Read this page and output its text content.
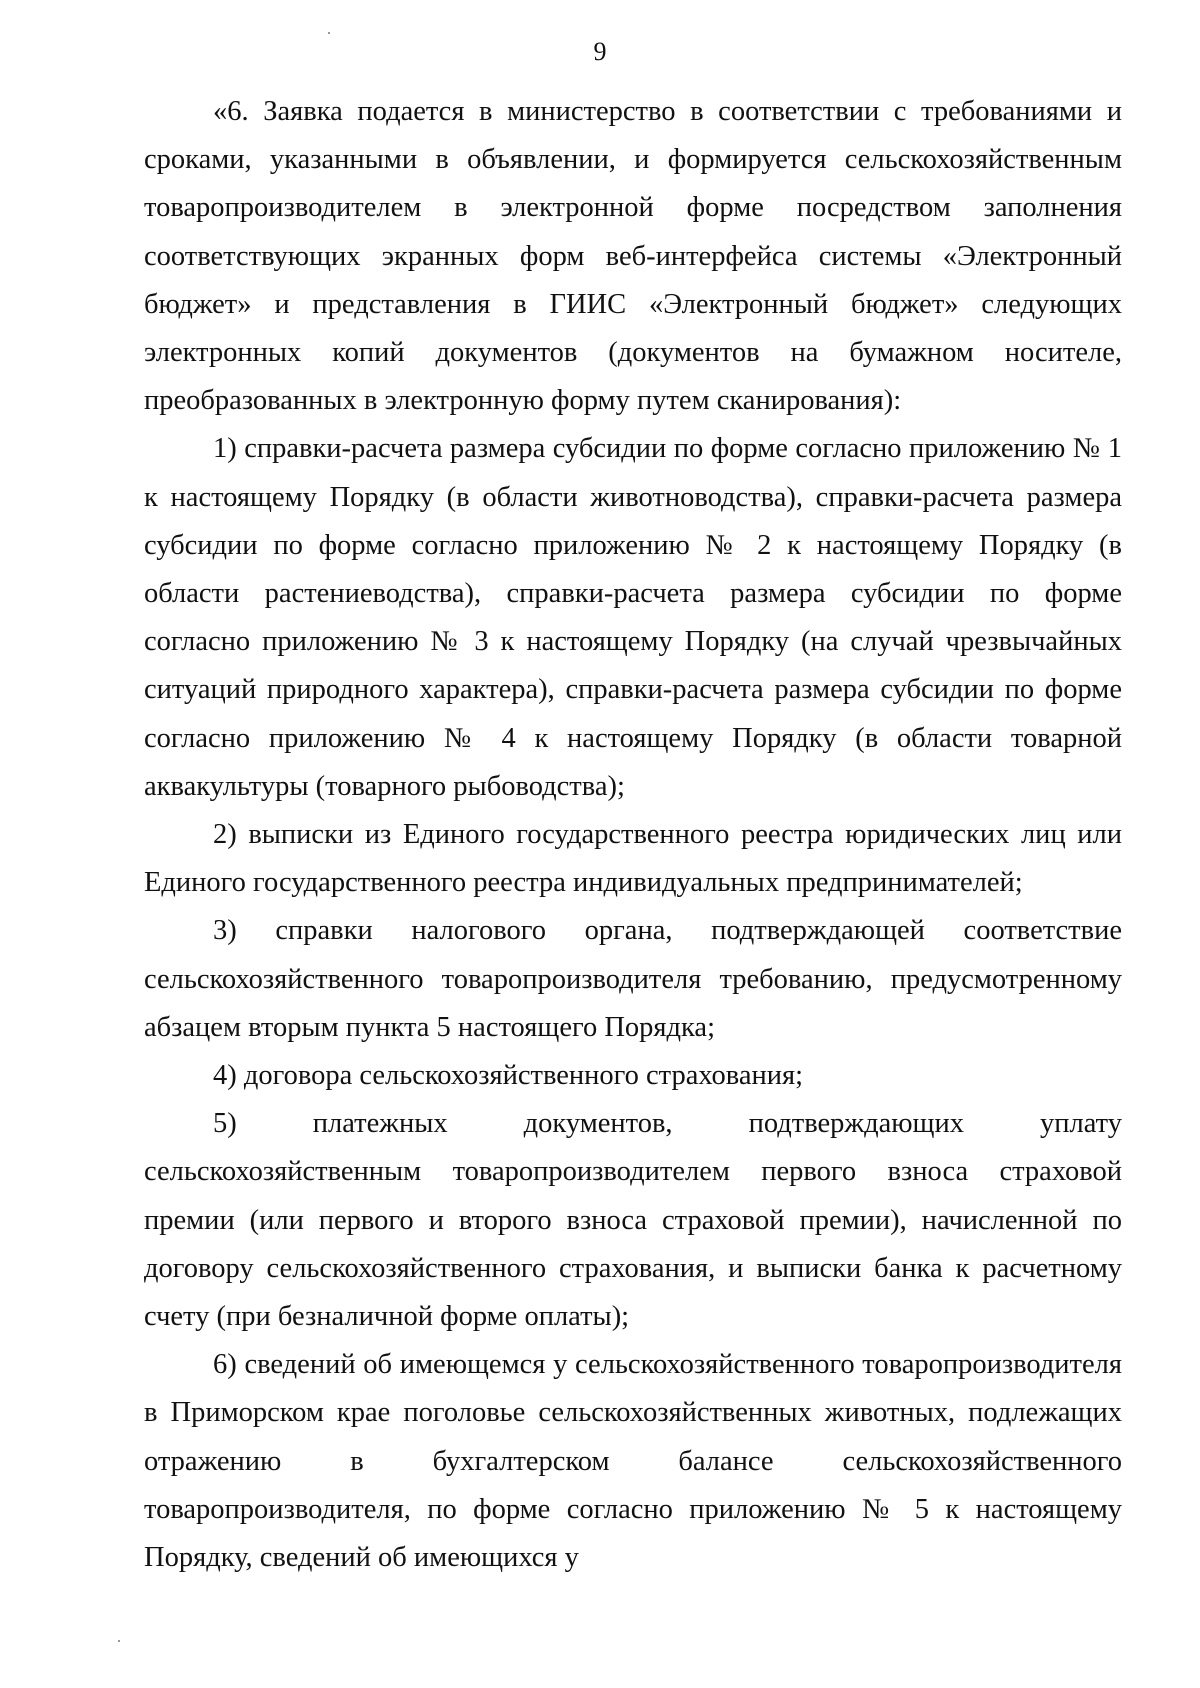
9

«6. Заявка подается в министерство в соответствии с требованиями и сроками, указанными в объявлении, и формируется сельскохозяйственным товаропроизводителем в электронной форме посредством заполнения соответствующих экранных форм веб-интерфейса системы «Электронный бюджет» и представления в ГИИС «Электронный бюджет» следующих электронных копий документов (документов на бумажном носителе, преобразованных в электронную форму путем сканирования):

1) справки-расчета размера субсидии по форме согласно приложению № 1 к настоящему Порядку (в области животноводства), справки-расчета размера субсидии по форме согласно приложению № 2 к настоящему Порядку (в области растениеводства), справки-расчета размера субсидии по форме согласно приложению № 3 к настоящему Порядку (на случай чрезвычайных ситуаций природного характера), справки-расчета размера субсидии по форме согласно приложению № 4 к настоящему Порядку (в области товарной аквакультуры (товарного рыбоводства);

2) выписки из Единого государственного реестра юридических лиц или Единого государственного реестра индивидуальных предпринимателей;

3) справки налогового органа, подтверждающей соответствие сельскохозяйственного товаропроизводителя требованию, предусмотренному абзацем вторым пункта 5 настоящего Порядка;

4) договора сельскохозяйственного страхования;

5) платежных документов, подтверждающих уплату сельскохозяйственным товаропроизводителем первого взноса страховой премии (или первого и второго взноса страховой премии), начисленной по договору сельскохозяйственного страхования, и выписки банка к расчетному счету (при безналичной форме оплаты);

6) сведений об имеющемся у сельскохозяйственного товаропроизводителя в Приморском крае поголовье сельскохозяйственных животных, подлежащих отражению в бухгалтерском балансе сельскохозяйственного товаропроизводителя, по форме согласно приложению № 5 к настоящему Порядку, сведений об имеющихся у
